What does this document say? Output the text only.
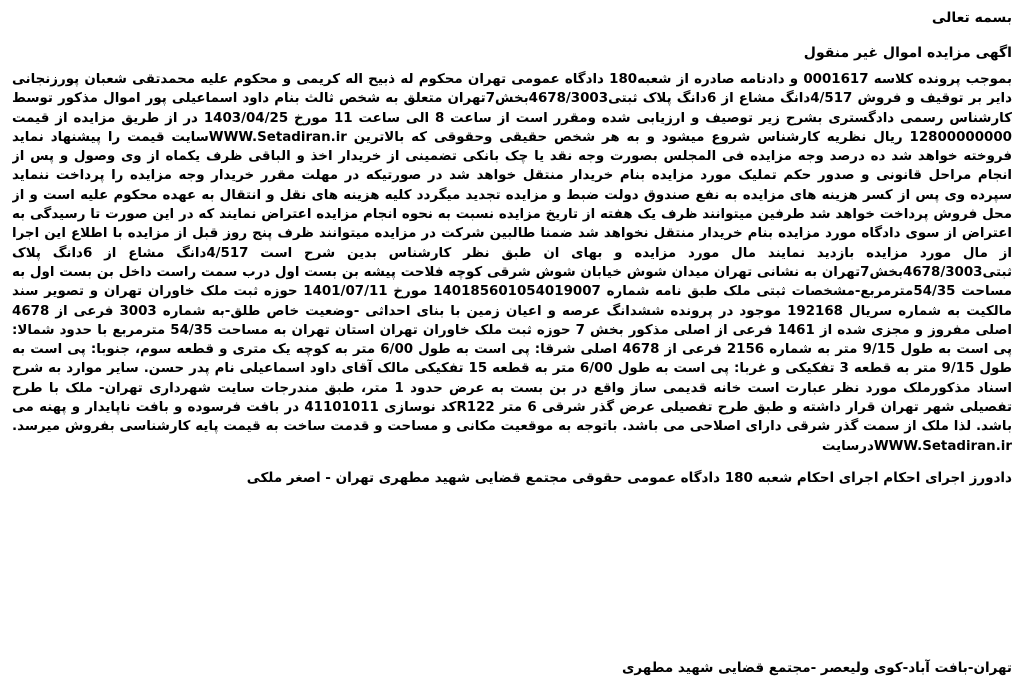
بسمه تعالی

اگهی مزایده اموال غیر منقول

بموجب پرونده کلاسه 0001617 و دادنامه صادره از شعبه180 دادگاه عمومی تهران محکوم له ذبیح اله کریمی و محکوم علیه محمدتقی شعبان پورزنجانی دایر بر توقیف و فروش 4/517دانگ مشاع از 6دانگ پلاک ثبتی4678/3003بخش7تهران متعلق به شخص ثالث بنام داود اسماعیلی پور اموال مذکور توسط کارشناس رسمی دادگستری بشرح زیر توصیف و ارزیابی شده ومقرر است از ساعت 8 الی ساعت 11 مورخ 1403/04/25 در از طریق مزایده از قیمت 12800000000 ریال نظریه کارشناس شروع میشود و به هر شخص حقیقی وحقوقی که بالاترین WWW.Setadiran.irسایت قیمت را پیشنهاد نماید فروخته خواهد شد ده درصد وجه مزایده فی المجلس بصورت وجه نقد یا چک بانکی تضمینی از خریدار اخذ و الباقی ظرف یکماه از وی وصول و پس از انجام مراحل قانونی و صدور حکم تملیک مورد مزایده بنام خریدار منتقل خواهد شد در صورتیکه در مهلت مقرر خریدار وجه مزایده را پرداخت ننماید سپرده وی پس از کسر هزینه های مزایده به نفع صندوق دولت ضبط و مزایده تجدید میگردد کلیه هزینه های نقل و انتقال به عهده محکوم علیه است و از محل فروش پرداخت خواهد شد طرفین میتوانند ظرف یک هفته از تاریخ مزایده نسبت به نحوه انجام مزایده اعتراض نمایند که در این صورت تا رسیدگی به اعتراض از سوی دادگاه مورد مزایده بنام خریدار منتقل نخواهد شد ضمنا طالبین شرکت در مزایده میتوانند ظرف پنج روز قبل از مزایده با اطلاع این اجرا از مال مورد مزایده بازدید نمایند مال مورد مزایده و بهای ان طبق نظر کارشناس بدین شرح است 4/517دانگ مشاع از 6دانگ پلاک ثبتی4678/3003بخش7تهران به نشانی تهران میدان شوش خیابان شوش شرقی کوچه فلاحت پیشه بن بست اول درب سمت راست داخل بن بست اول به مساحت 54/35مترمربع-مشخصات ثبتی ملک طبق نامه شماره 140185601054019007 مورخ 1401/07/11 حوزه ثبت ملک خاوران تهران و تصویر سند مالکیت به شماره سریال 192168 موجود در پرونده ششدانگ عرصه و اعیان زمین با بنای احداثی -وضعیت خاص طلق-به شماره 3003 فرعی از 4678 اصلی مفروز و مجزی شده از 1461 فرعی از اصلی مذکور بخش 7 حوزه ثبت ملک خاوران تهران استان تهران به مساحت 54/35 مترمربع با حدود شمالا: پی است به طول 9/15 متر به شماره 2156 فرعی از 4678 اصلی شرقا: پی است به طول 6/00 متر به کوچه یک متری و قطعه سوم، جنوبا: پی است به طول 9/15 متر به قطعه 3 تفکیکی و غربا: پی است به طول 6/00 متر به قطعه 15 تفکیکی مالک آقای داود اسماعیلی نام پدر حسن. سایر موارد به شرح اسناد مذکورملک مورد نظر عبارت است خانه قدیمی ساز واقع در بن بست به عرض حدود 1 متر، طبق مندرجات سایت شهرداری تهران- ملک با طرح تفصیلی شهر تهران قرار داشته و طبق طرح تفصیلی عرض گذر شرقی 6 متر R122کد نوسازی 41101011 در بافت فرسوده و بافت ناپایدار و پهنه می باشد. لذا ملک از سمت گذر شرقی دارای اصلاحی می باشد. باتوجه به موقعیت مکانی و مساحت و قدمت ساخت به قیمت پایه کارشناسی بفروش میرسد. WWW.Setadiran.irدرسایت

دادورز اجرای احکام اجرای احکام شعبه 180 دادگاه عمومی حقوقی مجتمع قضایی شهید مطهری تهران - اصغر ملکی

تهران-بافت آباد-کوی ولیعصر -مجتمع قضایی شهید مطهری
